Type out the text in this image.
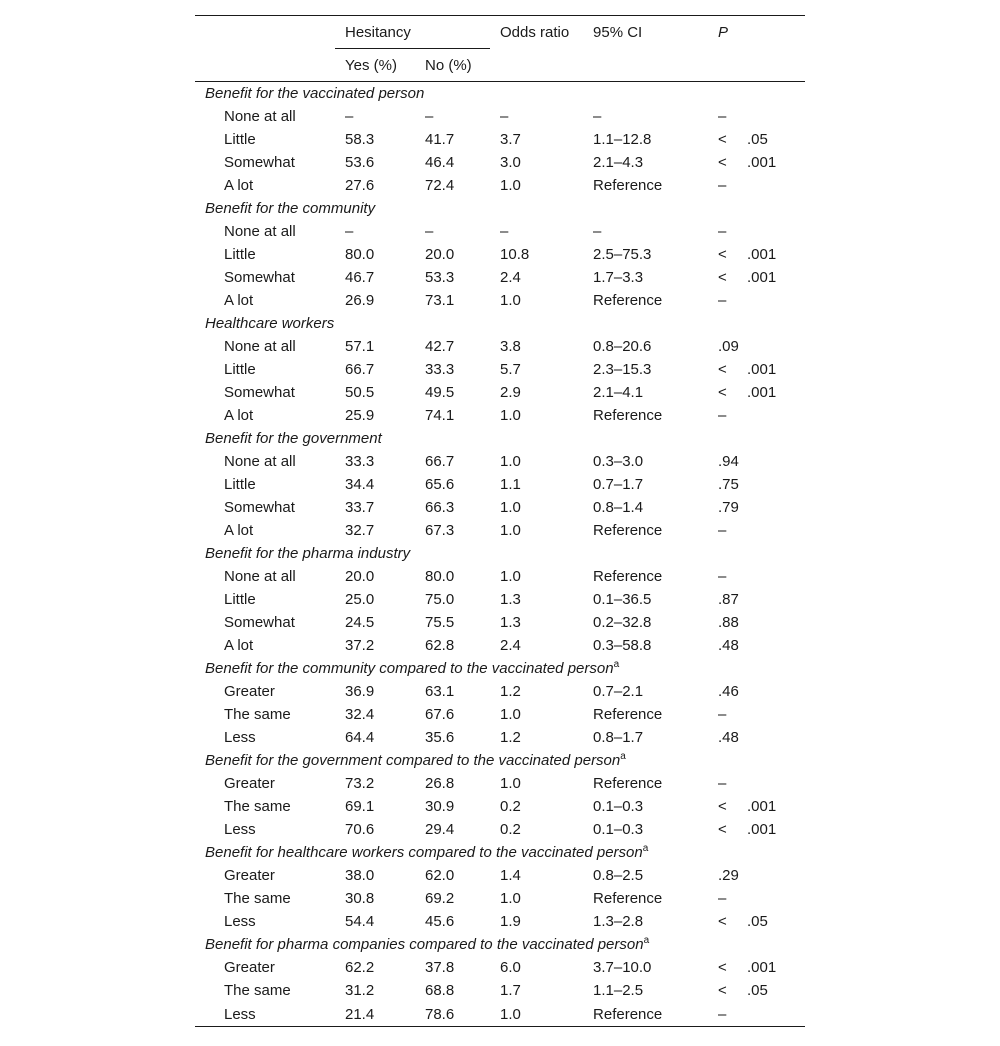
	Hesitancy		Odds ratio	95% CI	P
	Yes (%)	No (%)			
Benefit for the vaccinated person					
None at all	–	–	–	–	–
Little	58.3	41.7	3.7	1.1–12.8	< .05
Somewhat	53.6	46.4	3.0	2.1–4.3	< .001
A lot	27.6	72.4	1.0	Reference	–
Benefit for the community					
None at all	–	–	–	–	–
Little	80.0	20.0	10.8	2.5–75.3	< .001
Somewhat	46.7	53.3	2.4	1.7–3.3	< .001
A lot	26.9	73.1	1.0	Reference	–
Healthcare workers					
None at all	57.1	42.7	3.8	0.8–20.6	.09
Little	66.7	33.3	5.7	2.3–15.3	< .001
Somewhat	50.5	49.5	2.9	2.1–4.1	< .001
A lot	25.9	74.1	1.0	Reference	–
Benefit for the government					
None at all	33.3	66.7	1.0	0.3–3.0	.94
Little	34.4	65.6	1.1	0.7–1.7	.75
Somewhat	33.7	66.3	1.0	0.8–1.4	.79
A lot	32.7	67.3	1.0	Reference	–
Benefit for the pharma industry					
None at all	20.0	80.0	1.0	Reference	–
Little	25.0	75.0	1.3	0.1–36.5	.87
Somewhat	24.5	75.5	1.3	0.2–32.8	.88
A lot	37.2	62.8	2.4	0.3–58.8	.48
Benefit for the community compared to the vaccinated person$^a$
Greater	36.9	63.1	1.2	0.7–2.1	.46
The same	32.4	67.6	1.0	Reference	–
Less	64.4	35.6	1.2	0.8–1.7	.48
Benefit for the government compared to the vaccinated person$^a$
Greater	73.2	26.8	1.0	Reference	–
The same	69.1	30.9	0.2	0.1–0.3	< .001
Less	70.6	29.4	0.2	0.1–0.3	< .001
Benefit for healthcare workers compared to the vaccinated person$^a$
Greater	38.0	62.0	1.4	0.8–2.5	.29
The same	30.8	69.2	1.0	Reference	–
Less	54.4	45.6	1.9	1.3–2.8	< .05
Benefit for pharma companies compared to the vaccinated person$^a$
Greater	62.2	37.8	6.0	3.7–10.0	< .001
The same	31.2	68.8	1.7	1.1–2.5	< .05
Less	21.4	78.6	1.0	Reference	–
